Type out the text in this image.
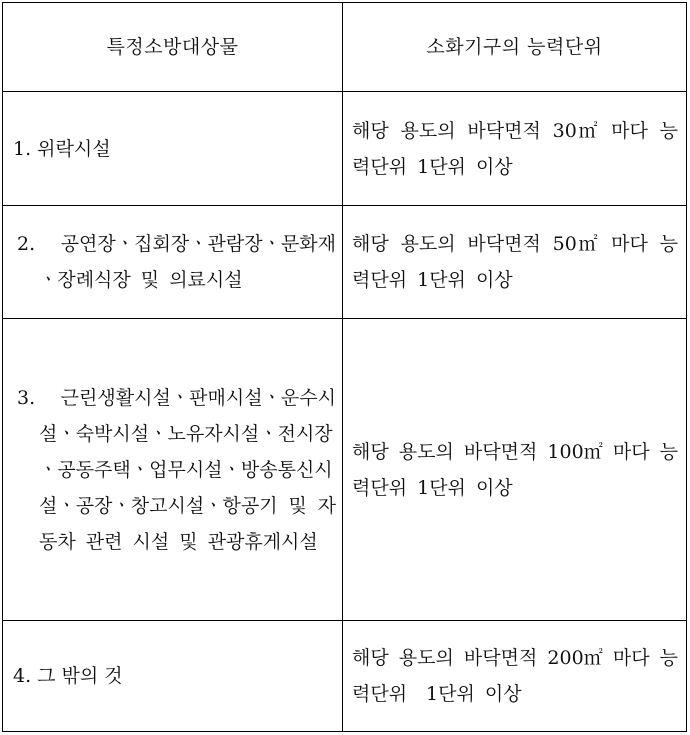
특정소방대상물	소화기구의 능력단위

1. 위락시설	해당 용도의 바닥면적 30㎡ 마다 능력단위 1단위 이상

2.　공연장ㆍ집회장ㆍ관람장ㆍ문화재ㆍ장례식장 및 의료시설	해당 용도의 바닥면적 50㎡ 마다 능력단위 1단위 이상

3.　근린생활시설ㆍ판매시설ㆍ운수시설ㆍ숙박시설ㆍ노유자시설ㆍ전시장ㆍ공동주택ㆍ업무시설ㆍ방송통신시설ㆍ공장ㆍ창고시설ㆍ항공기 및 자동차 관련 시설 및 관광휴게시설	해당 용도의 바닥면적 100㎡ 마다 능력단위 1단위 이상

4. 그 밖의 것	해당 용도의 바닥면적 200㎡ 마다 능력단위　1단위 이상
